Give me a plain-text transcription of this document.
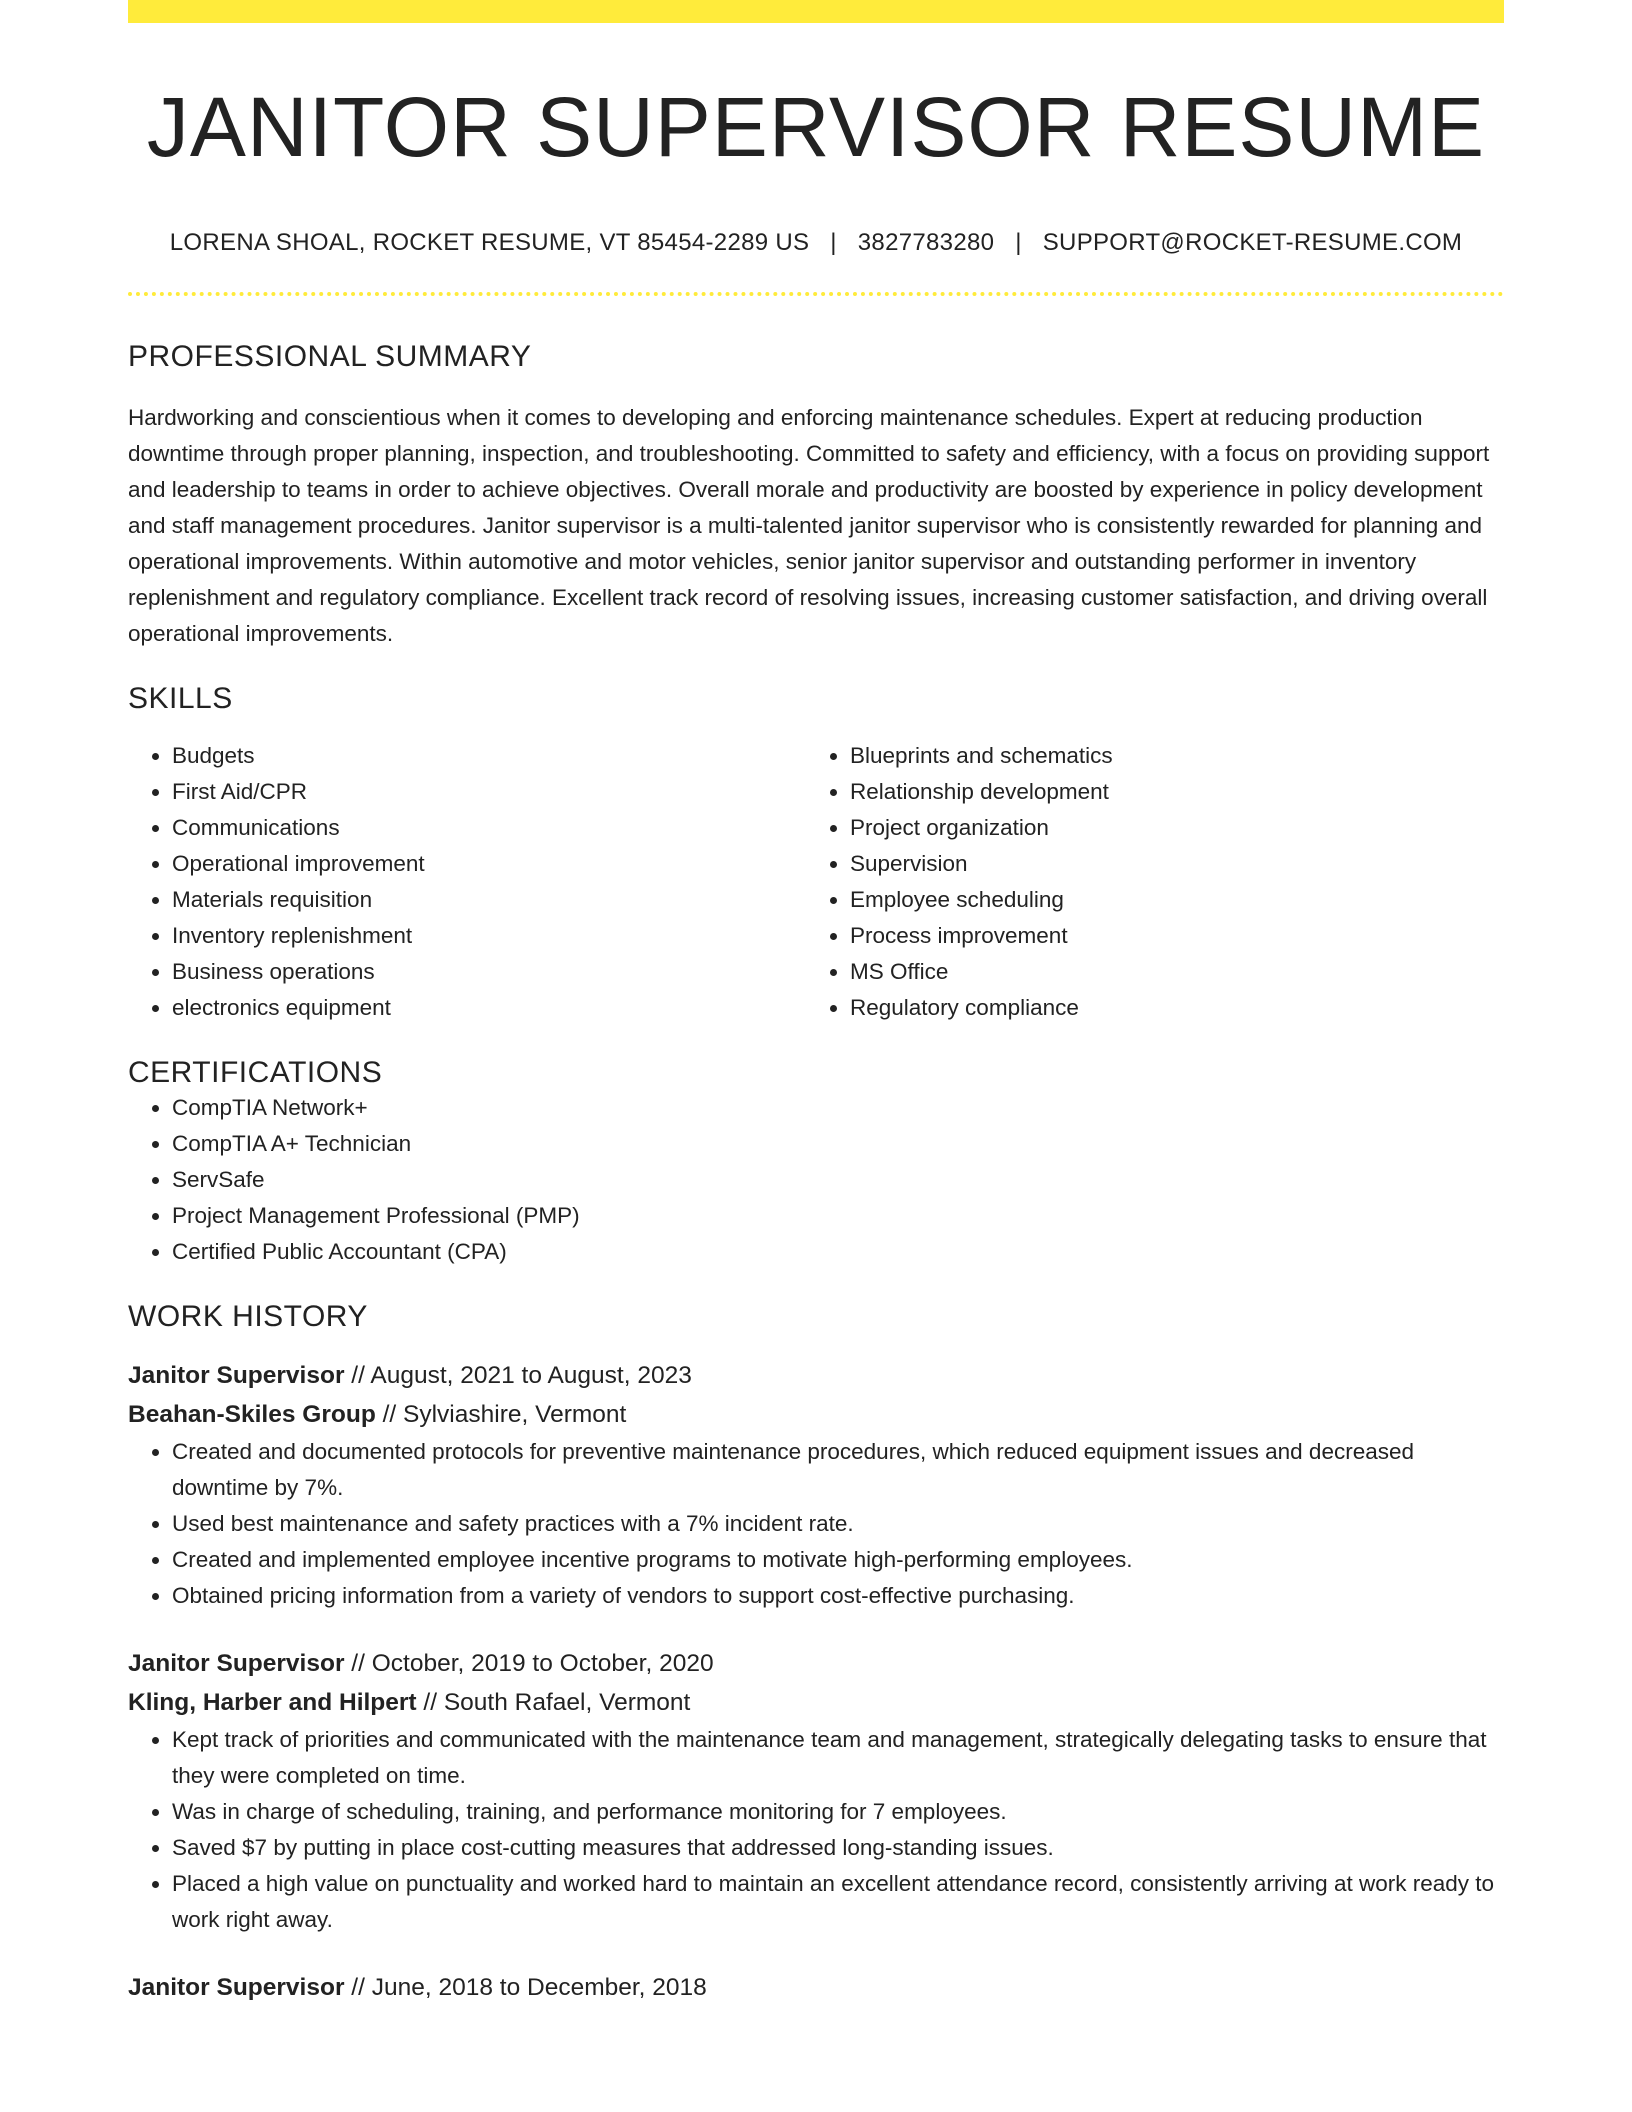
JANITOR SUPERVISOR RESUME
LORENA SHOAL, ROCKET RESUME, VT 85454-2289 US | 3827783280 | SUPPORT@ROCKET-RESUME.COM
PROFESSIONAL SUMMARY

Hardworking and conscientious when it comes to developing and enforcing maintenance schedules. Expert at reducing production downtime through proper planning, inspection, and troubleshooting. Committed to safety and efficiency, with a focus on providing support and leadership to teams in order to achieve objectives. Overall morale and productivity are boosted by experience in policy development and staff management procedures. Janitor supervisor is a multi-talented janitor supervisor who is consistently rewarded for planning and operational improvements. Within automotive and motor vehicles, senior janitor supervisor and outstanding performer in inventory replenishment and regulatory compliance. Excellent track record of resolving issues, increasing customer satisfaction, and driving overall operational improvements.

SKILLS
• Budgets
• First Aid/CPR
• Communications
• Operational improvement
• Materials requisition
• Inventory replenishment
• Business operations
• electronics equipment
• Blueprints and schematics
• Relationship development
• Project organization
• Supervision
• Employee scheduling
• Process improvement
• MS Office
• Regulatory compliance
CERTIFICATIONS
• CompTIA Network+
• CompTIA A+ Technician
• ServSafe
• Project Management Professional (PMP)
• Certified Public Accountant (CPA)
WORK HISTORY
Janitor Supervisor // August, 2021 to August, 2023
Beahan-Skiles Group // Sylviashire, Vermont
• Created and documented protocols for preventive maintenance procedures, which reduced equipment issues and decreased downtime by 7%.
• Used best maintenance and safety practices with a 7% incident rate.
• Created and implemented employee incentive programs to motivate high-performing employees.
• Obtained pricing information from a variety of vendors to support cost-effective purchasing.
Janitor Supervisor // October, 2019 to October, 2020
Kling, Harber and Hilpert // South Rafael, Vermont
• Kept track of priorities and communicated with the maintenance team and management, strategically delegating tasks to ensure that they were completed on time.
• Was in charge of scheduling, training, and performance monitoring for 7 employees.
• Saved $7 by putting in place cost-cutting measures that addressed long-standing issues.
• Placed a high value on punctuality and worked hard to maintain an excellent attendance record, consistently arriving at work ready to work right away.
Janitor Supervisor // June, 2018 to December, 2018
